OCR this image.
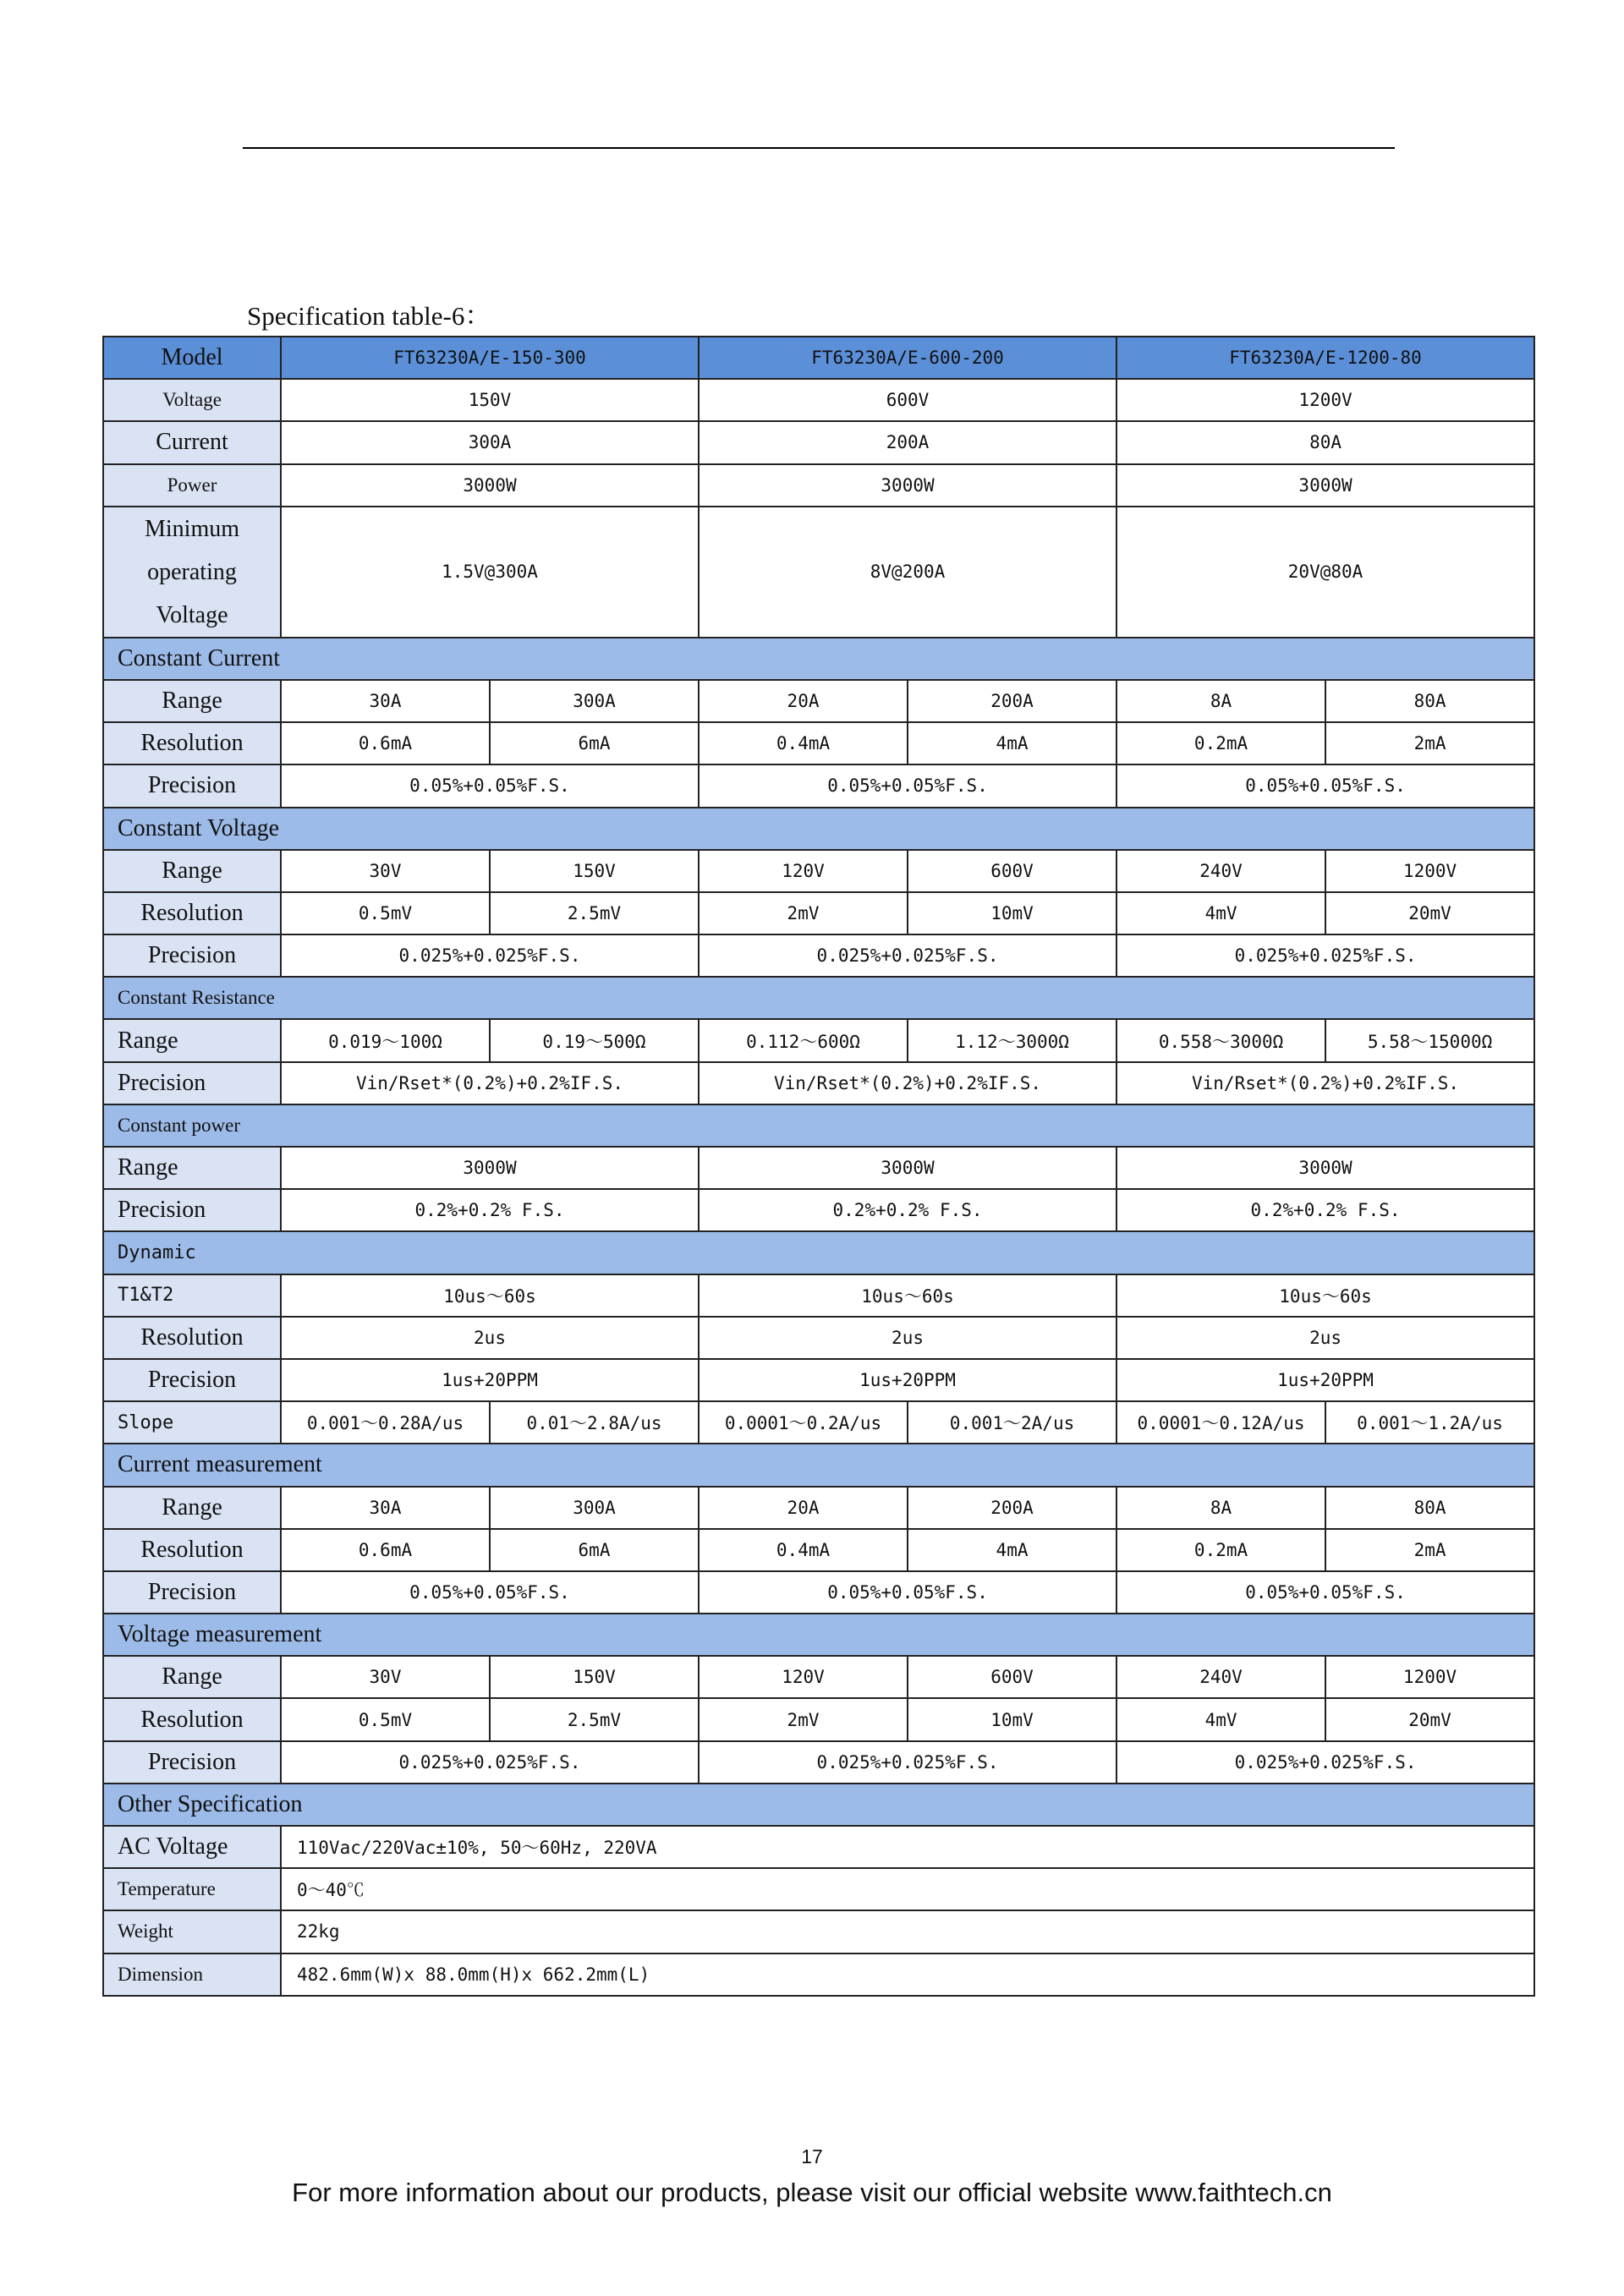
Specification table-6：
Model	FT63230A/E-150-300		FT63230A/E-600-200		FT63230A/E-1200-80	
Voltage	150V		600V		1200V	
Current	300A		200A		80A	
Power	3000W		3000W		3000W	
Minimum
operating
Voltage	1.5V@300A		8V@200A		20V@80A	
Constant Current						
Range	30A	300A	20A	200A	8A	80A
Resolution	0.6mA	6mA	0.4mA	4mA	0.2mA	2mA
Precision	0.05%+0.05%F.S.		0.05%+0.05%F.S.		0.05%+0.05%F.S.	
Constant Voltage						
Range	30V	150V	120V	600V	240V	1200V
Resolution	0.5mV	2.5mV	2mV	10mV	4mV	20mV
Precision	0.025%+0.025%F.S.		0.025%+0.025%F.S.		0.025%+0.025%F.S.	
Constant Resistance						
Range	0.019～100Ω	0.19～500Ω	0.112～600Ω	1.12～3000Ω	0.558～3000Ω	5.58～15000Ω
Precision	Vin/Rset*(0.2%)+0.2%IF.S.		Vin/Rset*(0.2%)+0.2%IF.S.		Vin/Rset*(0.2%)+0.2%IF.S.	
Constant power						
Range	3000W		3000W		3000W	
Precision	0.2%+0.2% F.S.		0.2%+0.2% F.S.		0.2%+0.2% F.S.	
Dynamic						
T1&T2	10us～60s		10us～60s		10us～60s	
Resolution	2us		2us		2us	
Precision	1us+20PPM		1us+20PPM		1us+20PPM	
Slope	0.001～0.28A/us	0.01～2.8A/us	0.0001～0.2A/us	0.001～2A/us	0.0001～0.12A/us	0.001～1.2A/us
Current measurement						
Range	30A	300A	20A	200A	8A	80A
Resolution	0.6mA	6mA	0.4mA	4mA	0.2mA	2mA
Precision	0.05%+0.05%F.S.		0.05%+0.05%F.S.		0.05%+0.05%F.S.	
Voltage measurement						
Range	30V	150V	120V	600V	240V	1200V
Resolution	0.5mV	2.5mV	2mV	10mV	4mV	20mV
Precision	0.025%+0.025%F.S.		0.025%+0.025%F.S.		0.025%+0.025%F.S.	
Other Specification						
AC Voltage	110Vac/220Vac±10%, 50～60Hz, 220VA					
Temperature	0～40℃					
Weight	22kg					
Dimension	482.6mm(W)x 88.0mm(H)x 662.2mm(L)					
17
For more information about our products, please visit our official website www.faithtech.cn
